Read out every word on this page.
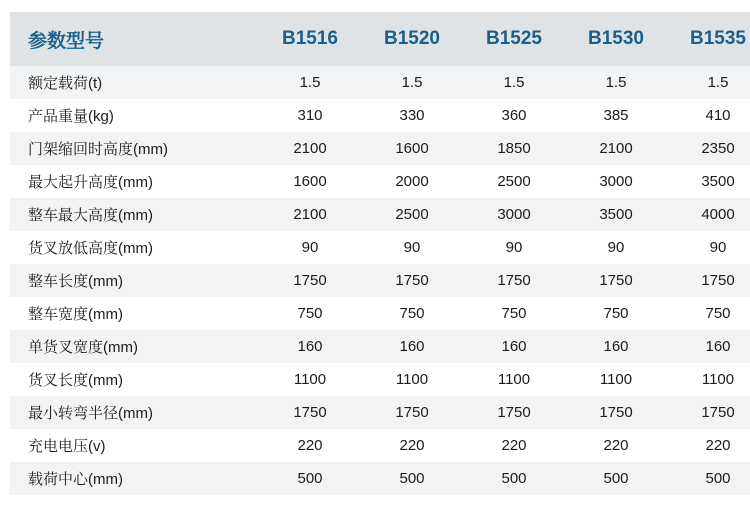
参数型号	B1516	B1520	B1525	B1530	B1535
额定载荷(t)	1.5	1.5	1.5	1.5	1.5
产品重量(kg)	310	330	360	385	410
门架缩回时高度(mm)	2100	1600	1850	2100	2350
最大起升高度(mm)	1600	2000	2500	3000	3500
整车最大高度(mm)	2100	2500	3000	3500	4000
货叉放低高度(mm)	90	90	90	90	90
整车长度(mm)	1750	1750	1750	1750	1750
整车宽度(mm)	750	750	750	750	750
单货叉宽度(mm)	160	160	160	160	160
货叉长度(mm)	1100	1100	1100	1100	1100
最小转弯半径(mm)	1750	1750	1750	1750	1750
充电电压(v)	220	220	220	220	220
载荷中心(mm)	500	500	500	500	500
